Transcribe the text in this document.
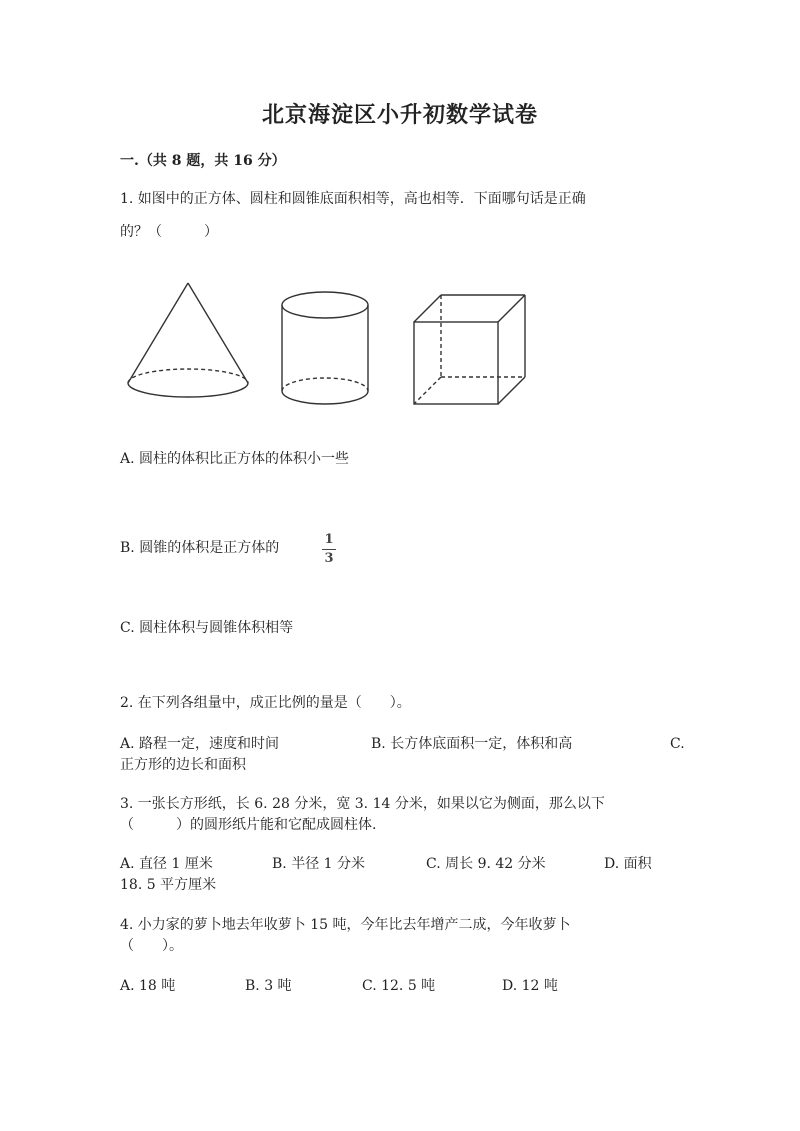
北京海淀区小升初数学试卷
一.（共 8 题，共 16 分）
1. 如图中的正方体、圆柱和圆锥底面积相等，高也相等．下面哪句话是正确
的？（　　　）
A. 圆柱的体积比正方体的体积小一些
B. 圆锥的体积是正方体的
1
3
C. 圆柱体积与圆锥体积相等
2. 在下列各组量中，成正比例的量是（　　）。
A. 路程一定，速度和时间	B. 长方体底面积一定，体积和高	C.
正方形的边长和面积
3. 一张长方形纸，长 6. 28 分米，宽 3. 14 分米，如果以它为侧面，那么以下
（　　　）的圆形纸片能和它配成圆柱体.
A. 直径 1 厘米	B. 半径 1 分米	C. 周长 9. 42 分米	D. 面积
18. 5 平方厘米
4. 小力家的萝卜地去年收萝卜 15 吨，今年比去年增产二成，今年收萝卜
（　　）。
A. 18 吨	B. 3 吨	C. 12. 5 吨	D. 12 吨
